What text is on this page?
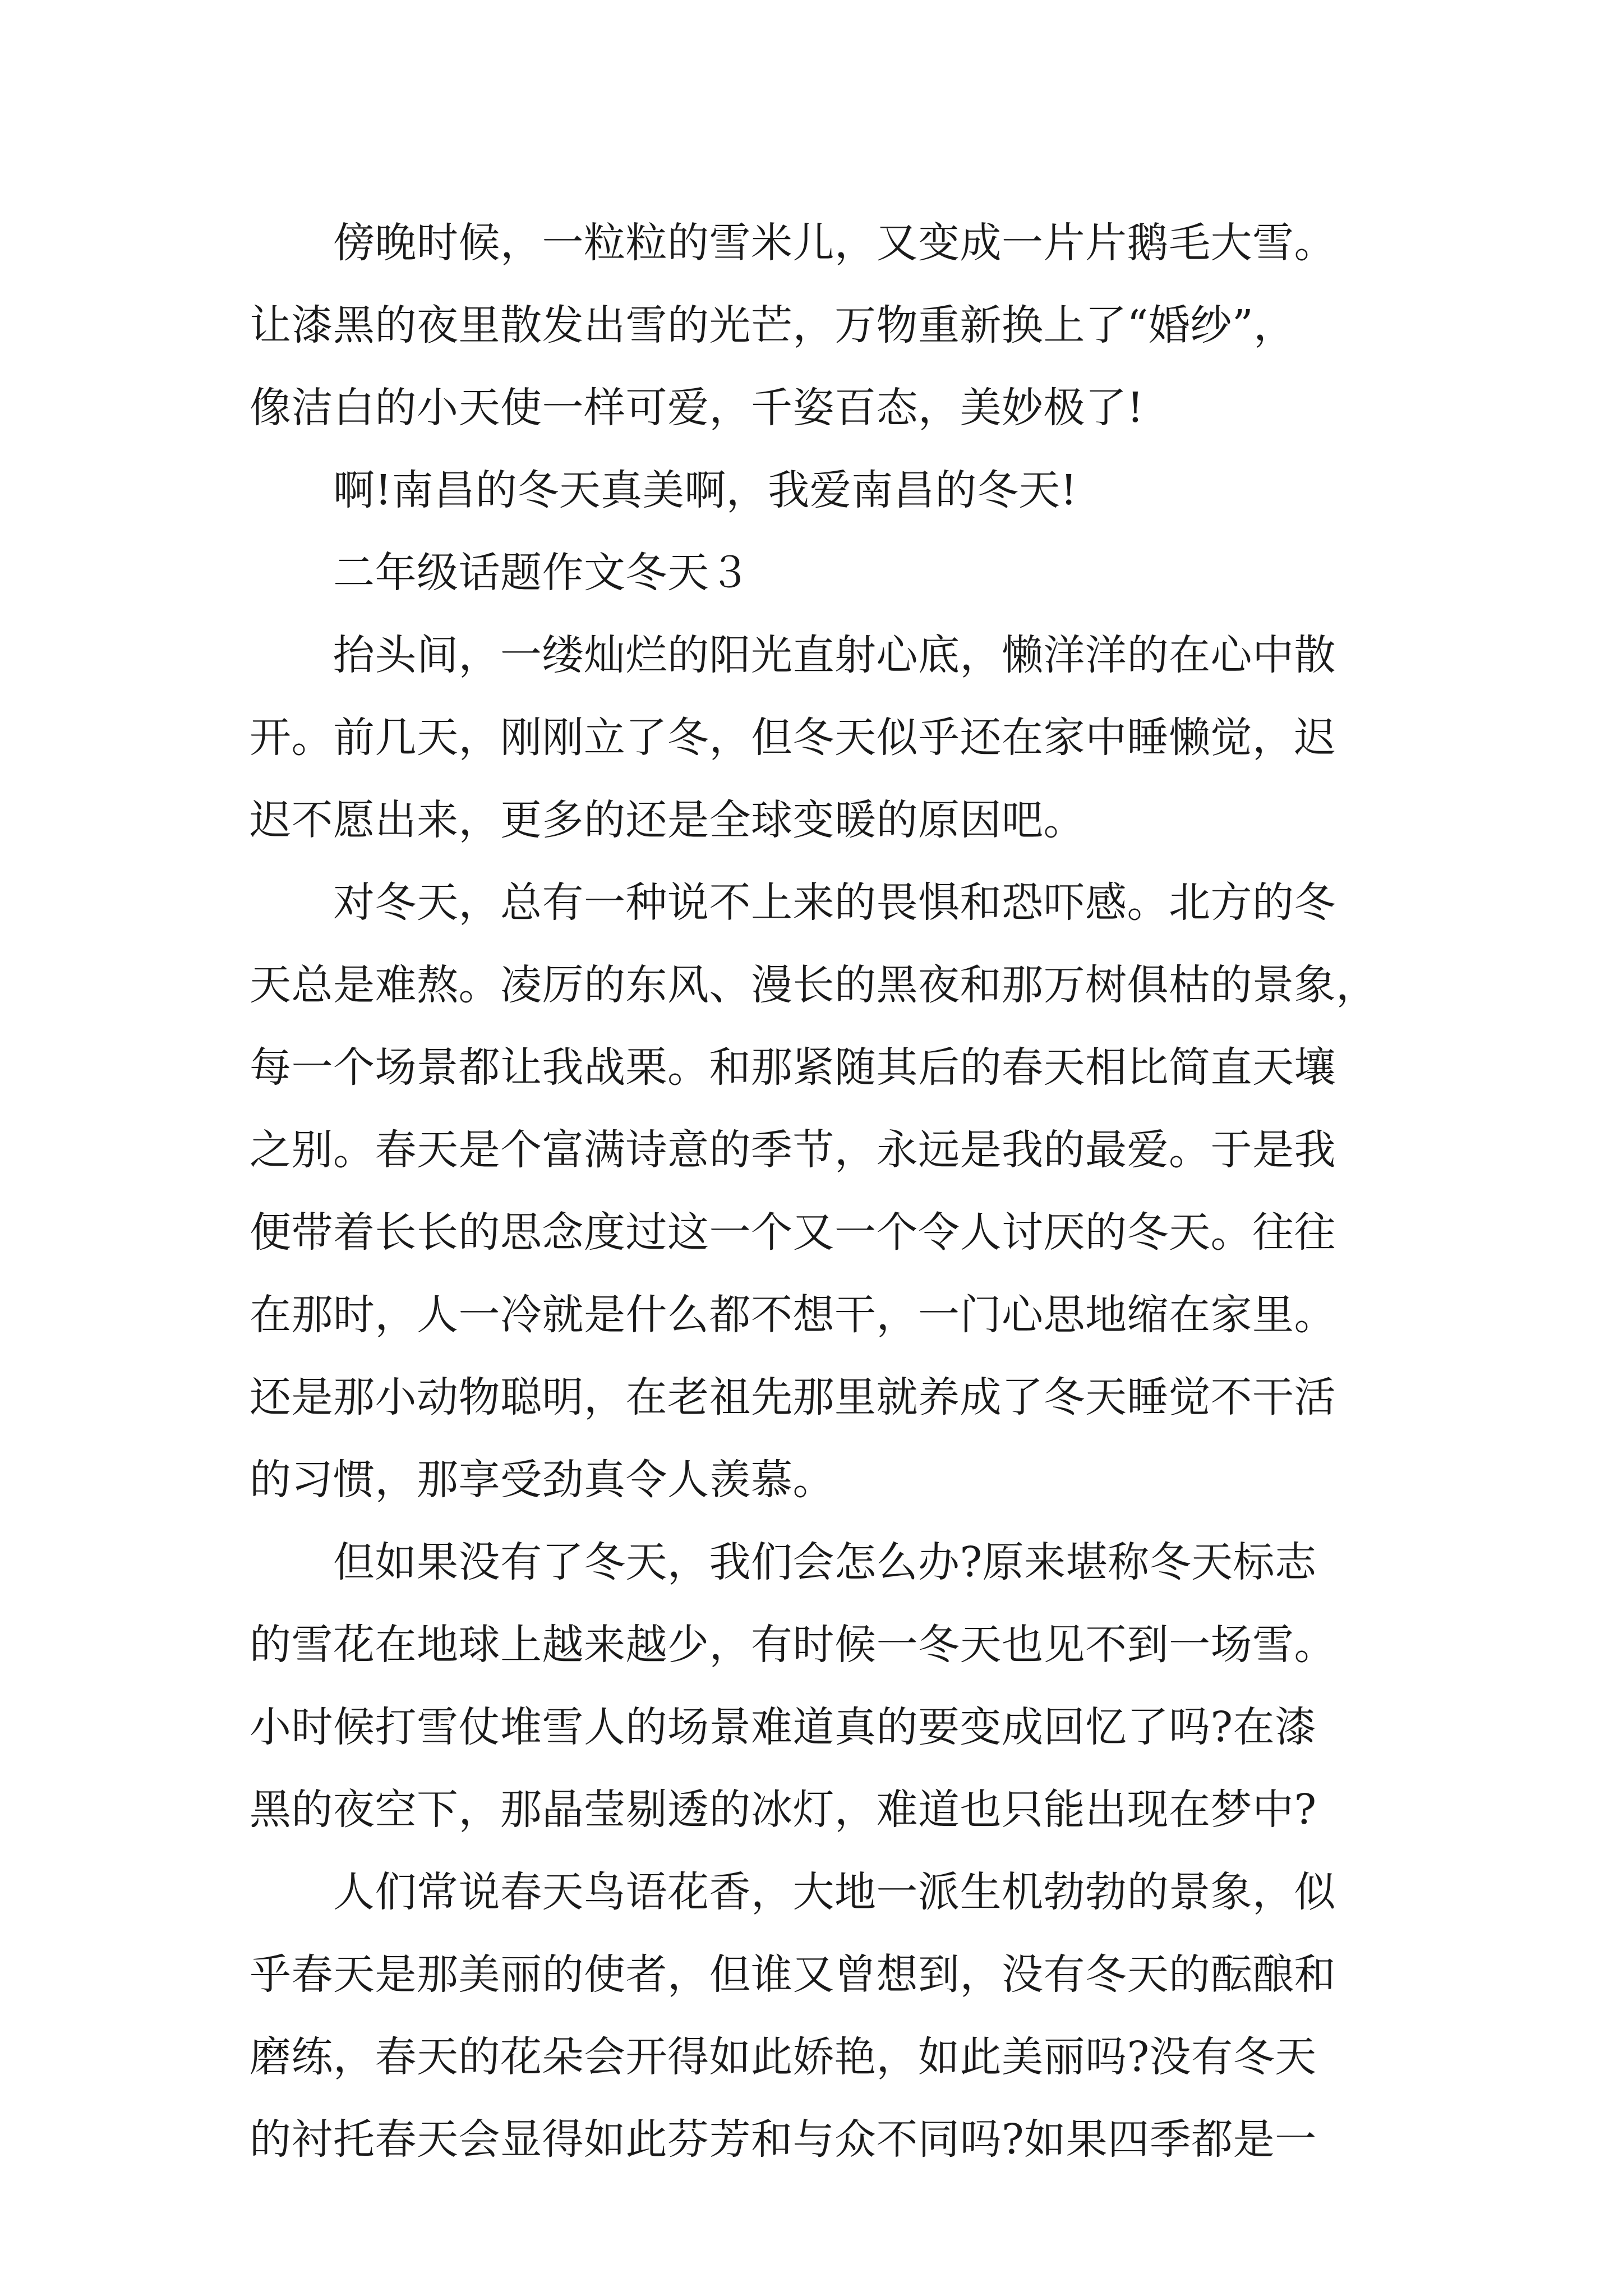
　　傍晚时候，一粒粒的雪米儿，又变成一片片鹅毛大雪。
让漆黑的夜里散发出雪的光芒，万物重新换上了“婚纱”，
像洁白的小天使一样可爱，千姿百态，美妙极了!
　　啊!南昌的冬天真美啊，我爱南昌的冬天!
　　二年级话题作文冬天３
　　抬头间，一缕灿烂的阳光直射心底，懒洋洋的在心中散
开。前几天，刚刚立了冬，但冬天似乎还在家中睡懒觉，迟
迟不愿出来，更多的还是全球变暖的原因吧。
　　对冬天，总有一种说不上来的畏惧和恐吓感。北方的冬
天总是难熬。凌厉的东风、漫长的黑夜和那万树俱枯的景象，
每一个场景都让我战栗。和那紧随其后的春天相比简直天壤
之别。春天是个富满诗意的季节，永远是我的最爱。于是我
便带着长长的思念度过这一个又一个令人讨厌的冬天。往往
在那时，人一冷就是什么都不想干，一门心思地缩在家里。
还是那小动物聪明，在老祖先那里就养成了冬天睡觉不干活
的习惯，那享受劲真令人羡慕。
　　但如果没有了冬天，我们会怎么办?原来堪称冬天标志
的雪花在地球上越来越少，有时候一冬天也见不到一场雪。
小时候打雪仗堆雪人的场景难道真的要变成回忆了吗?在漆
黑的夜空下，那晶莹剔透的冰灯，难道也只能出现在梦中?
　　人们常说春天鸟语花香，大地一派生机勃勃的景象，似
乎春天是那美丽的使者，但谁又曾想到，没有冬天的酝酿和
磨练，春天的花朵会开得如此娇艳，如此美丽吗?没有冬天
的衬托春天会显得如此芬芳和与众不同吗?如果四季都是一
